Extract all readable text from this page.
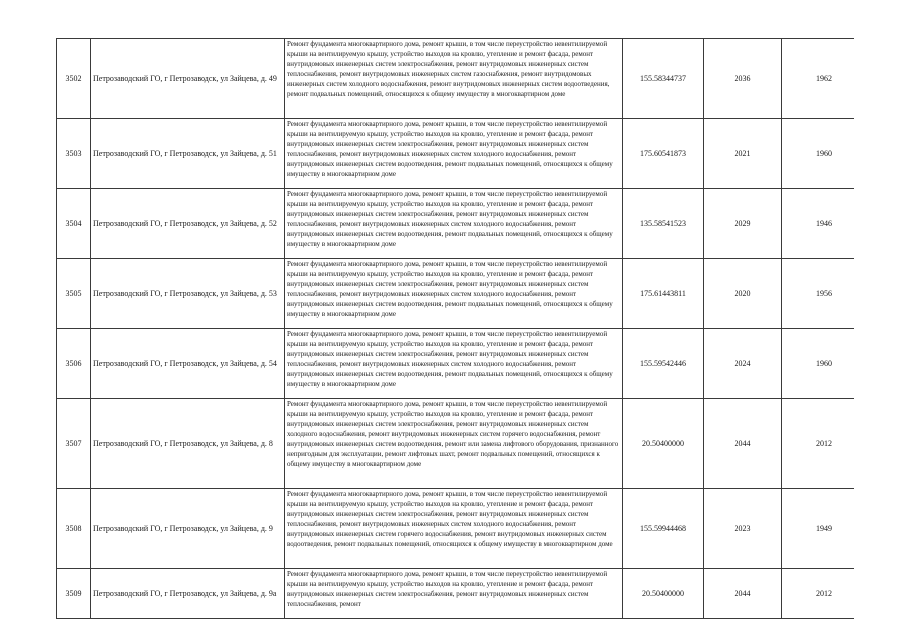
3502	Петрозаводский ГО, г Петрозаводск, ул Зайцева, д. 49	Ремонт фундамента многоквартирного дома, ремонт крыши, в том числе переустройство невентилируемой крыши на вентилируемую крышу, устройство выходов на кровлю, утепление и ремонт фасада, ремонт внутридомовых инженерных систем электроснабжения, ремонт внутридомовых инженерных систем теплоснабжения, ремонт внутридомовых инженерных систем газоснабжения, ремонт внутридомовых инженерных систем холодного водоснабжения, ремонт внутридомовых инженерных систем водоотведения, ремонт подвальных помещений, относящихся к общему имуществу в многоквартирном доме	155.58344737	2036	1962
3503	Петрозаводский ГО, г Петрозаводск, ул Зайцева, д. 51	Ремонт фундамента многоквартирного дома, ремонт крыши, в том числе переустройство невентилируемой крыши на вентилируемую крышу, устройство выходов на кровлю, утепление и ремонт фасада, ремонт внутридомовых инженерных систем электроснабжения, ремонт внутридомовых инженерных систем теплоснабжения, ремонт внутридомовых инженерных систем холодного водоснабжения, ремонт внутридомовых инженерных систем водоотведения, ремонт подвальных помещений, относящихся к общему имуществу в многоквартирном доме	175.60541873	2021	1960
3504	Петрозаводский ГО, г Петрозаводск, ул Зайцева, д. 52	Ремонт фундамента многоквартирного дома, ремонт крыши, в том числе переустройство невентилируемой крыши на вентилируемую крышу, устройство выходов на кровлю, утепление и ремонт фасада, ремонт внутридомовых инженерных систем электроснабжения, ремонт внутридомовых инженерных систем теплоснабжения, ремонт внутридомовых инженерных систем холодного водоснабжения, ремонт внутридомовых инженерных систем водоотведения, ремонт подвальных помещений, относящихся к общему имуществу в многоквартирном доме	135.58541523	2029	1946
3505	Петрозаводский ГО, г Петрозаводск, ул Зайцева, д. 53	Ремонт фундамента многоквартирного дома, ремонт крыши, в том числе переустройство невентилируемой крыши на вентилируемую крышу, устройство выходов на кровлю, утепление и ремонт фасада, ремонт внутридомовых инженерных систем электроснабжения, ремонт внутридомовых инженерных систем теплоснабжения, ремонт внутридомовых инженерных систем холодного водоснабжения, ремонт внутридомовых инженерных систем водоотведения, ремонт подвальных помещений, относящихся к общему имуществу в многоквартирном доме	175.61443811	2020	1956
3506	Петрозаводский ГО, г Петрозаводск, ул Зайцева, д. 54	Ремонт фундамента многоквартирного дома, ремонт крыши, в том числе переустройство невентилируемой крыши на вентилируемую крышу, устройство выходов на кровлю, утепление и ремонт фасада, ремонт внутридомовых инженерных систем электроснабжения, ремонт внутридомовых инженерных систем теплоснабжения, ремонт внутридомовых инженерных систем холодного водоснабжения, ремонт внутридомовых инженерных систем водоотведения, ремонт подвальных помещений, относящихся к общему имуществу в многоквартирном доме	155.59542446	2024	1960
3507	Петрозаводский ГО, г Петрозаводск, ул Зайцева, д. 8	Ремонт фундамента многоквартирного дома, ремонт крыши, в том числе переустройство невентилируемой крыши на вентилируемую крышу, устройство выходов на кровлю, утепление и ремонт фасада, ремонт внутридомовых инженерных систем электроснабжения, ремонт внутридомовых инженерных систем холодного водоснабжения, ремонт внутридомовых инженерных систем горячего водоснабжения, ремонт внутридомовых инженерных систем водоотведения, ремонт или замена лифтового оборудования, признанного непригодным для эксплуатации, ремонт лифтовых шахт, ремонт подвальных помещений, относящихся к общему имуществу в многоквартирном доме	20.50400000	2044	2012
3508	Петрозаводский ГО, г Петрозаводск, ул Зайцева, д. 9	Ремонт фундамента многоквартирного дома, ремонт крыши, в том числе переустройство невентилируемой крыши на вентилируемую крышу, устройство выходов на кровлю, утепление и ремонт фасада, ремонт внутридомовых инженерных систем электроснабжения, ремонт внутридомовых инженерных систем теплоснабжения, ремонт внутридомовых инженерных систем холодного водоснабжения, ремонт внутридомовых инженерных систем горячего водоснабжения, ремонт внутридомовых инженерных систем водоотведения, ремонт подвальных помещений, относящихся к общему имуществу в многоквартирном доме	155.59944468	2023	1949
3509	Петрозаводский ГО, г Петрозаводск, ул Зайцева, д. 9а	Ремонт фундамента многоквартирного дома, ремонт крыши, в том числе переустройство невентилируемой крыши на вентилируемую крышу, устройство выходов на кровлю, утепление и ремонт фасада, ремонт внутридомовых инженерных систем электроснабжения, ремонт внутридомовых инженерных систем теплоснабжения, ремонт	20.50400000	2044	2012
